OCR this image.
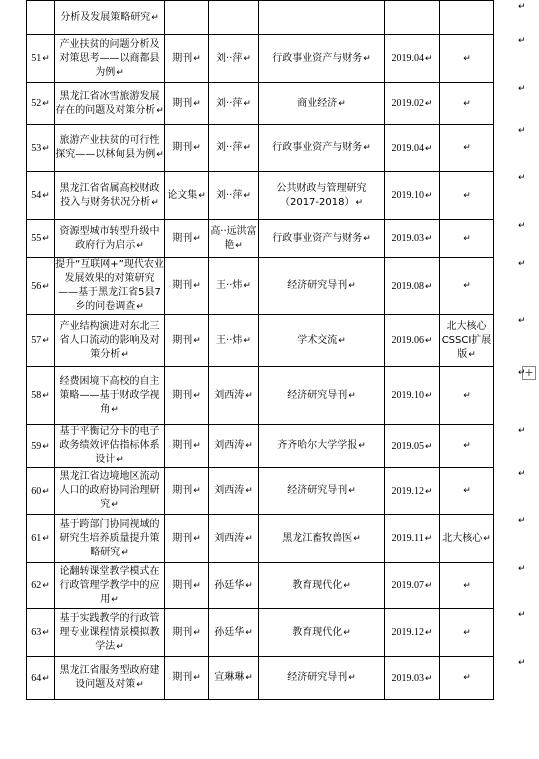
	分析及发展策略研究↵					
51↵	产业扶贫的问题分析及对策思考——以商都县为例↵	期刊↵	刘··萍↵	行政事业资产与财务↵	2019.04↵	↵
52↵	黑龙江省冰雪旅游发展存在的问题及对策分析↵	期刊↵	刘··萍↵	商业经济↵	2019.02↵	↵
53↵	旅游产业扶贫的可行性探究——以林甸县为例↵	期刊↵	刘··萍↵	行政事业资产与财务↵	2019.04↵	↵
54↵	黑龙江省省属高校财政投入与财务状况分析↵	论文集↵	刘··萍↵	公共财政与管理研究（2017-2018）↵	2019.10↵	↵
55↵	资源型城市转型升级中政府行为启示↵	期刊↵	高··远洪富艳↵	行政事业资产与财务↵	2019.03↵	↵
56↵	提升“互联网+”现代农业发展效果的对策研究——基于黑龙江省5县7乡的问卷调查↵	期刊↵	王··炜↵	经济研究导刊↵	2019.08↵	↵
57↵	产业结构演进对东北三省人口流动的影响及对策分析↵	期刊↵	王··炜↵	学术交流↵	2019.06↵	北大核心CSSCI扩展版↵
58↵	经费困境下高校的自主策略——基于财政学视角↵	期刊↵	刘西涛↵	经济研究导刊↵	2019.10↵	↵
59↵	基于平衡记分卡的电子政务绩效评估指标体系设计↵	期刊↵	刘西涛↵	齐齐哈尔大学学报↵	2019.05↵	↵
60↵	黑龙江省边境地区流动人口的政府协同治理研究↵	期刊↵	刘西涛↵	经济研究导刊↵	2019.12↵	↵
61↵	基于跨部门协同视域的研究生培养质量提升策略研究↵	期刊↵	刘西涛↵	黑龙江畜牧兽医↵	2019.11↵	北大核心↵
62↵	论翻转课堂教学模式在行政管理学教学中的应用↵	期刊↵	孙廷华↵	教育现代化↵	2019.07↵	↵
63↵	基于实践教学的行政管理专业课程情景模拟教学法↵	期刊↵	孙廷华↵	教育现代化↵	2019.12↵	↵
64↵	黑龙江省服务型政府建设问题及对策↵	期刊↵	宣琳琳↵	经济研究导刊↵	2019.03↵	↵
+
↵
↵
↵
↵
↵
↵
↵
↵
↵
↵
↵
↵
↵
↵
↵
